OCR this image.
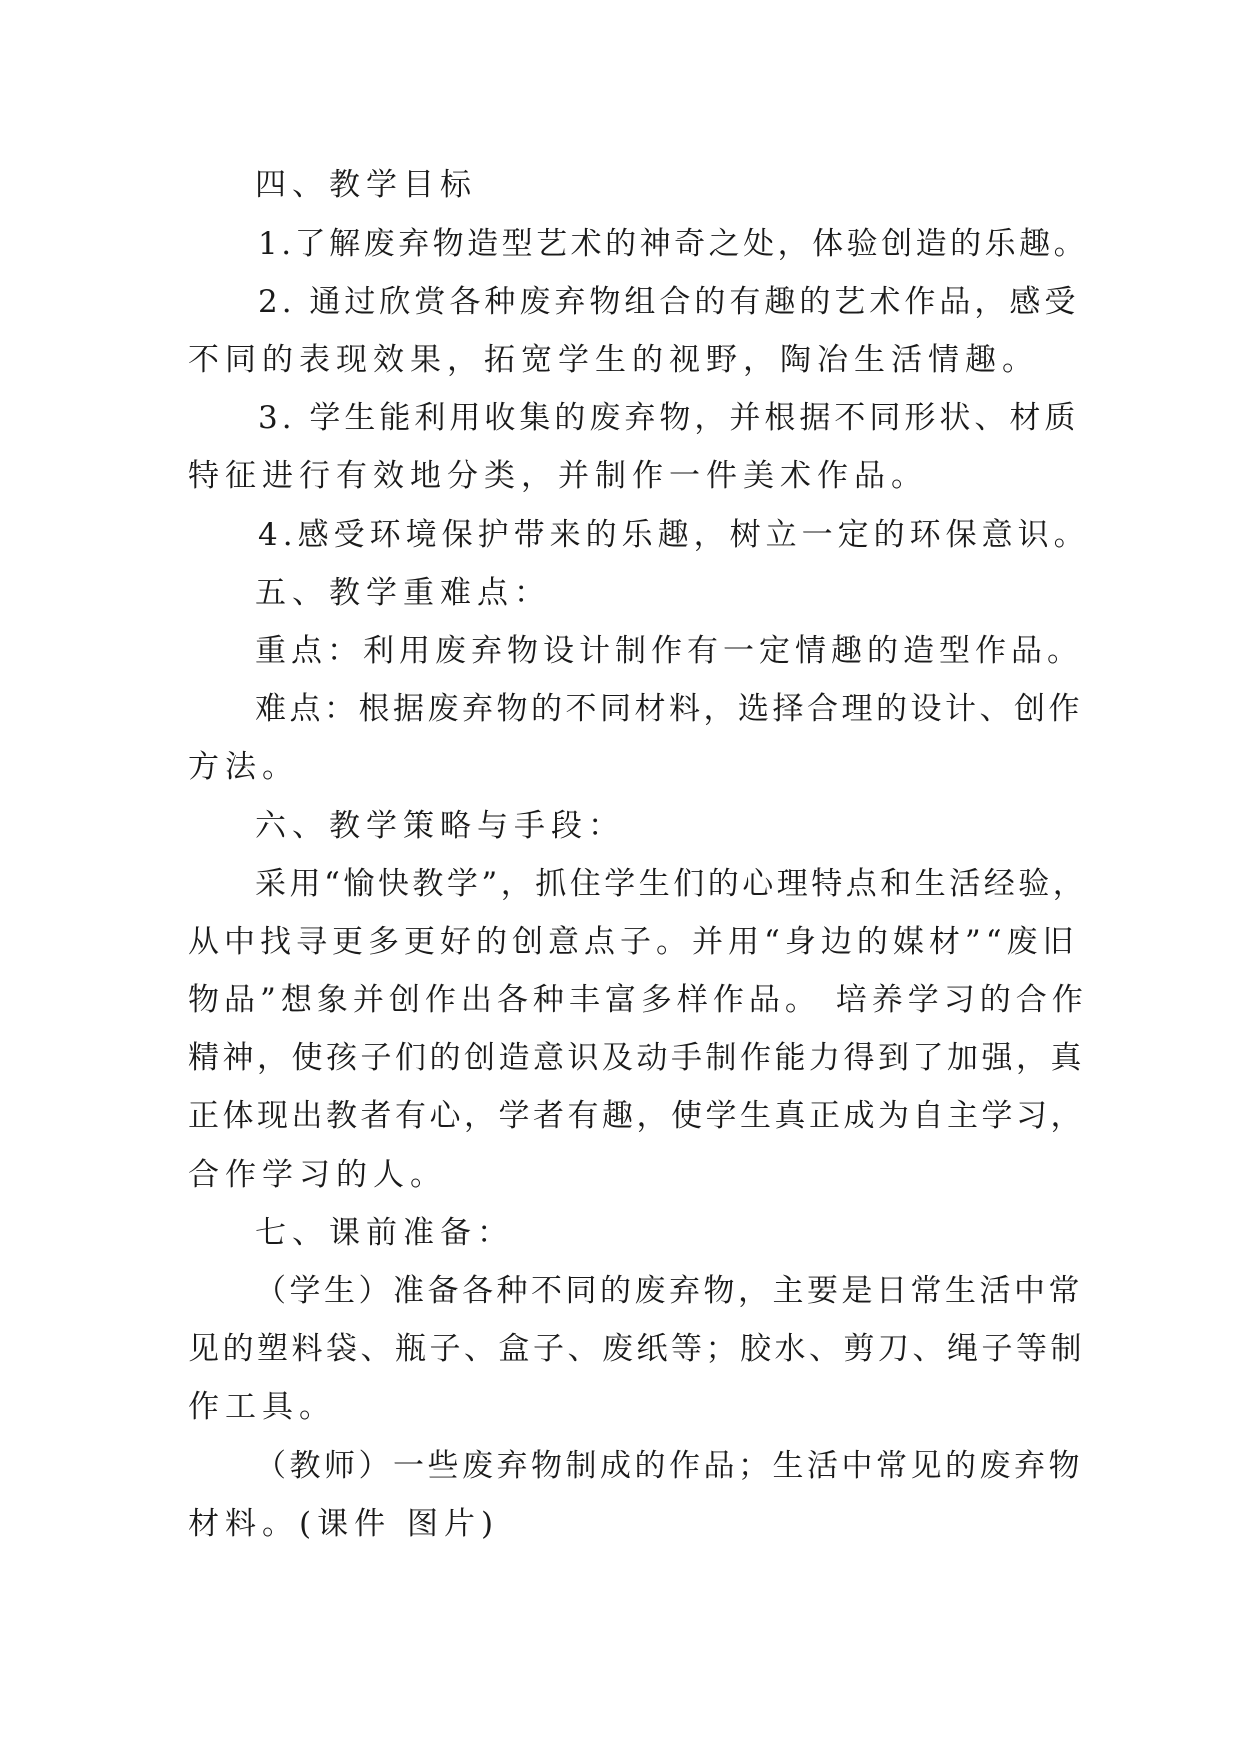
四、教学目标
1.了解废弃物造型艺术的神奇之处，体验创造的乐趣。
2. 通过欣赏各种废弃物组合的有趣的艺术作品，感受
不同的表现效果，拓宽学生的视野，陶冶生活情趣。
3. 学生能利用收集的废弃物，并根据不同形状、材质
特征进行有效地分类，并制作一件美术作品。
4.感受环境保护带来的乐趣，树立一定的环保意识。
五、教学重难点：
重点：利用废弃物设计制作有一定情趣的造型作品。
难点：根据废弃物的不同材料，选择合理的设计、创作
方法。
六、教学策略与手段：
采用“愉快教学”，抓住学生们的心理特点和生活经验，
从中找寻更多更好的创意点子。并用“身边的媒材”“废旧
物品”想象并创作出各种丰富多样作品。 培养学习的合作
精神，使孩子们的创造意识及动手制作能力得到了加强，真
正体现出教者有心，学者有趣，使学生真正成为自主学习，
合作学习的人。
七、课前准备：
（学生）准备各种不同的废弃物，主要是日常生活中常
见的塑料袋、瓶子、盒子、废纸等；胶水、剪刀、绳子等制
作工具。
（教师）一些废弃物制成的作品；生活中常见的废弃物
材料。(课件 图片)
